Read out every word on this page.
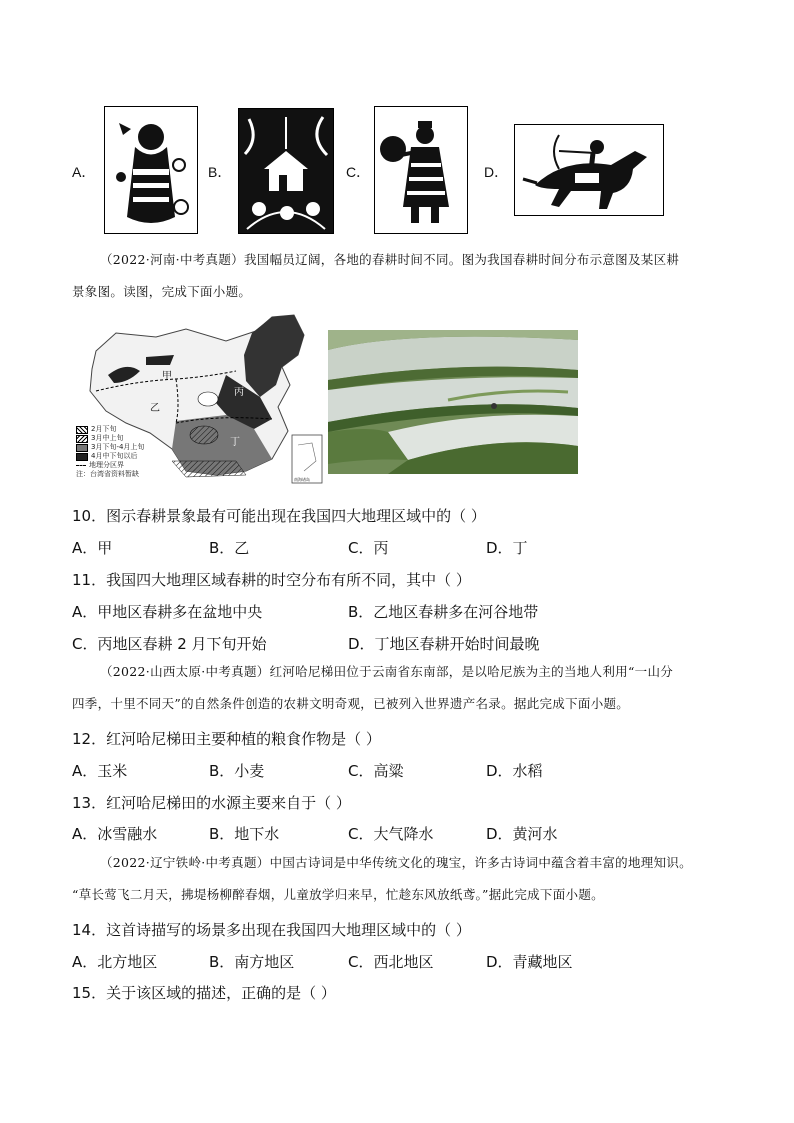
A．	B．	C．	D．
（2022·河南·中考真题）我国幅员辽阔，各地的春耕时间不同。图为我国春耕时间分布示意图及某区耕
景象图。读图，完成下面小题。
甲
乙
丙
丁
南海诸岛
2月下旬
3月中上旬
3月下旬-4月上旬
4月中下旬以后
地理分区界
注：台湾省资料暂缺
10．图示春耕景象最有可能出现在我国四大地理区域中的（ ）
A．甲	B．乙	C．丙	D．丁
11．我国四大地理区域春耕的时空分布有所不同，其中（ ）
A．甲地区春耕多在盆地中央	B．乙地区春耕多在河谷地带
C．丙地区春耕 2 月下旬开始	D．丁地区春耕开始时间最晚
（2022·山西太原·中考真题）红河哈尼梯田位于云南省东南部，是以哈尼族为主的当地人利用“一山分
四季，十里不同天”的自然条件创造的农耕文明奇观，已被列入世界遗产名录。据此完成下面小题。
12．红河哈尼梯田主要种植的粮食作物是（ ）
A．玉米	B．小麦	C．高粱	D．水稻
13．红河哈尼梯田的水源主要来自于（ ）
A．冰雪融水	B．地下水	C．大气降水	D．黄河水
（2022·辽宁铁岭·中考真题）中国古诗词是中华传统文化的瑰宝，许多古诗词中蕴含着丰富的地理知识。
“草长莺飞二月天，拂堤杨柳醉春烟，儿童放学归来早，忙趁东风放纸鸢。”据此完成下面小题。
14．这首诗描写的场景多出现在我国四大地理区域中的（ ）
A．北方地区	B．南方地区	C．西北地区	D．青藏地区
15．关于该区域的描述，正确的是（ ）
